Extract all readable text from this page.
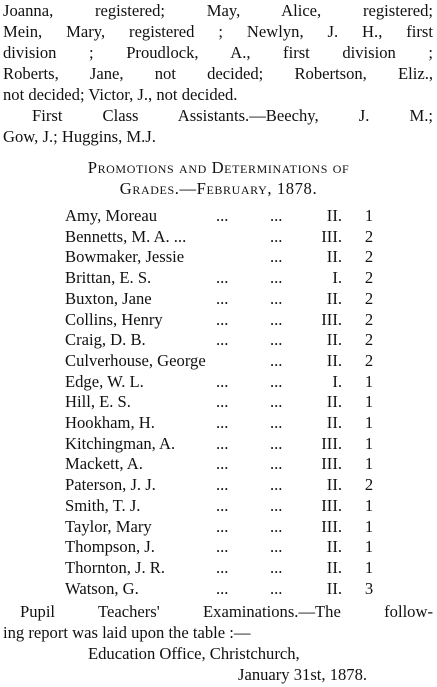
Joanna, registered; May, Alice, registered;
Mein, Mary, registered ; Newlyn, J. H., first
division ; Proudlock, A., first division ;
Roberts, Jane, not decided; Robertson, Eliz.,
not decided; Victor, J., not decided.
First Class Assistants.—Beechy, J. M.;
Gow, J.; Huggins, M.J.
Promotions and Determinations of
Grades.—February, 1878.
Amy, Moreau	...	...	II. 1
Bennetts, M. A. ...	...	III. 2
Bowmaker, Jessie	...	II. 2
Brittan, E. S.	...	...	I. 2
Buxton, Jane	...	...	II. 2
Collins, Henry	...	...	III. 2
Craig, D. B.	...	...	II. 2
Culverhouse, George	...	II. 2
Edge, W. L.	...	...	I. 1
Hill, E. S.	...	...	II. 1
Hookham, H.	...	...	II. 1
Kitchingman, A. ...	...	III. 1
Mackett, A.	...	...	III. 1
Paterson, J. J.	...	...	II. 2
Smith, T. J.	...	...	III. 1
Taylor, Mary	...	...	III. 1
Thompson, J.	...	...	II. 1
Thornton, J. R.	...	...	II. 1
Watson, G.	...	...	II. 3
Pupil Teachers' Examinations.—The follow-
ing report was laid upon the table :—
Education Office, Christchurch,
January 31st, 1878.
